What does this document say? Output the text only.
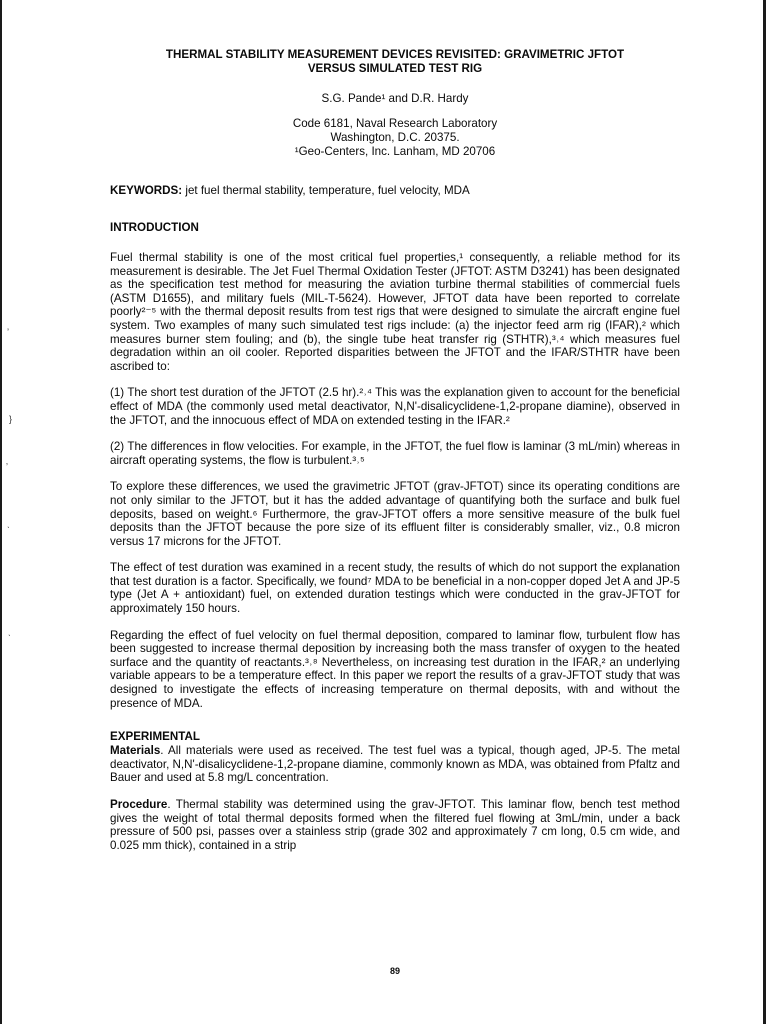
’
}
ʼ
ˎ
ˎ
THERMAL STABILITY MEASUREMENT DEVICES REVISITED: GRAVIMETRIC JFTOT
VERSUS SIMULATED TEST RIG
S.G. Pande¹ and D.R. Hardy
Code 6181, Naval Research Laboratory
Washington, D.C. 20375.
¹Geo-Centers, Inc. Lanham, MD 20706
KEYWORDS: jet fuel thermal stability, temperature, fuel velocity, MDA
INTRODUCTION

Fuel thermal stability is one of the most critical fuel properties,¹ consequently, a reliable method for its measurement is desirable. The Jet Fuel Thermal Oxidation Tester (JFTOT: ASTM D3241) has been designated as the specification test method for measuring the aviation turbine thermal stabilities of commercial fuels (ASTM D1655), and military fuels (MIL-T-5624). However, JFTOT data have been reported to correlate poorly²⁻⁵ with the thermal deposit results from test rigs that were designed to simulate the aircraft engine fuel system. Two examples of many such simulated test rigs include: (a) the injector feed arm rig (IFAR),² which measures burner stem fouling; and (b), the single tube heat transfer rig (STHTR),³˒⁴ which measures fuel degradation within an oil cooler. Reported disparities between the JFTOT and the IFAR/STHTR have been ascribed to:

(1) The short test duration of the JFTOT (2.5 hr).²˒⁴ This was the explanation given to account for the beneficial effect of MDA (the commonly used metal deactivator, N,N'-disalicyclidene-1,2-propane diamine), observed in the JFTOT, and the innocuous effect of MDA on extended testing in the IFAR.²

(2) The differences in flow velocities. For example, in the JFTOT, the fuel flow is laminar (3 mL/min) whereas in aircraft operating systems, the flow is turbulent.³˒⁵

To explore these differences, we used the gravimetric JFTOT (grav-JFTOT) since its operating conditions are not only similar to the JFTOT, but it has the added advantage of quantifying both the surface and bulk fuel deposits, based on weight.⁶ Furthermore, the grav-JFTOT offers a more sensitive measure of the bulk fuel deposits than the JFTOT because the pore size of its effluent filter is considerably smaller, viz., 0.8 micron versus 17 microns for the JFTOT.

The effect of test duration was examined in a recent study, the results of which do not support the explanation that test duration is a factor. Specifically, we found⁷ MDA to be beneficial in a non-copper doped Jet A and JP-5 type (Jet A + antioxidant) fuel, on extended duration testings which were conducted in the grav-JFTOT for approximately 150 hours.

Regarding the effect of fuel velocity on fuel thermal deposition, compared to laminar flow, turbulent flow has been suggested to increase thermal deposition by increasing both the mass transfer of oxygen to the heated surface and the quantity of reactants.³˒⁸ Nevertheless, on increasing test duration in the IFAR,² an underlying variable appears to be a temperature effect. In this paper we report the results of a grav-JFTOT study that was designed to investigate the effects of increasing temperature on thermal deposits, with and without the presence of MDA.

EXPERIMENTAL

Materials. All materials were used as received. The test fuel was a typical, though aged, JP-5. The metal deactivator, N,N'-disalicyclidene-1,2-propane diamine, commonly known as MDA, was obtained from Pfaltz and Bauer and used at 5.8 mg/L concentration.

Procedure. Thermal stability was determined using the grav-JFTOT. This laminar flow, bench test method gives the weight of total thermal deposits formed when the filtered fuel flowing at 3mL/min, under a back pressure of 500 psi, passes over a stainless strip (grade 302 and approximately 7 cm long, 0.5 cm wide, and 0.025 mm thick), contained in a strip

89
